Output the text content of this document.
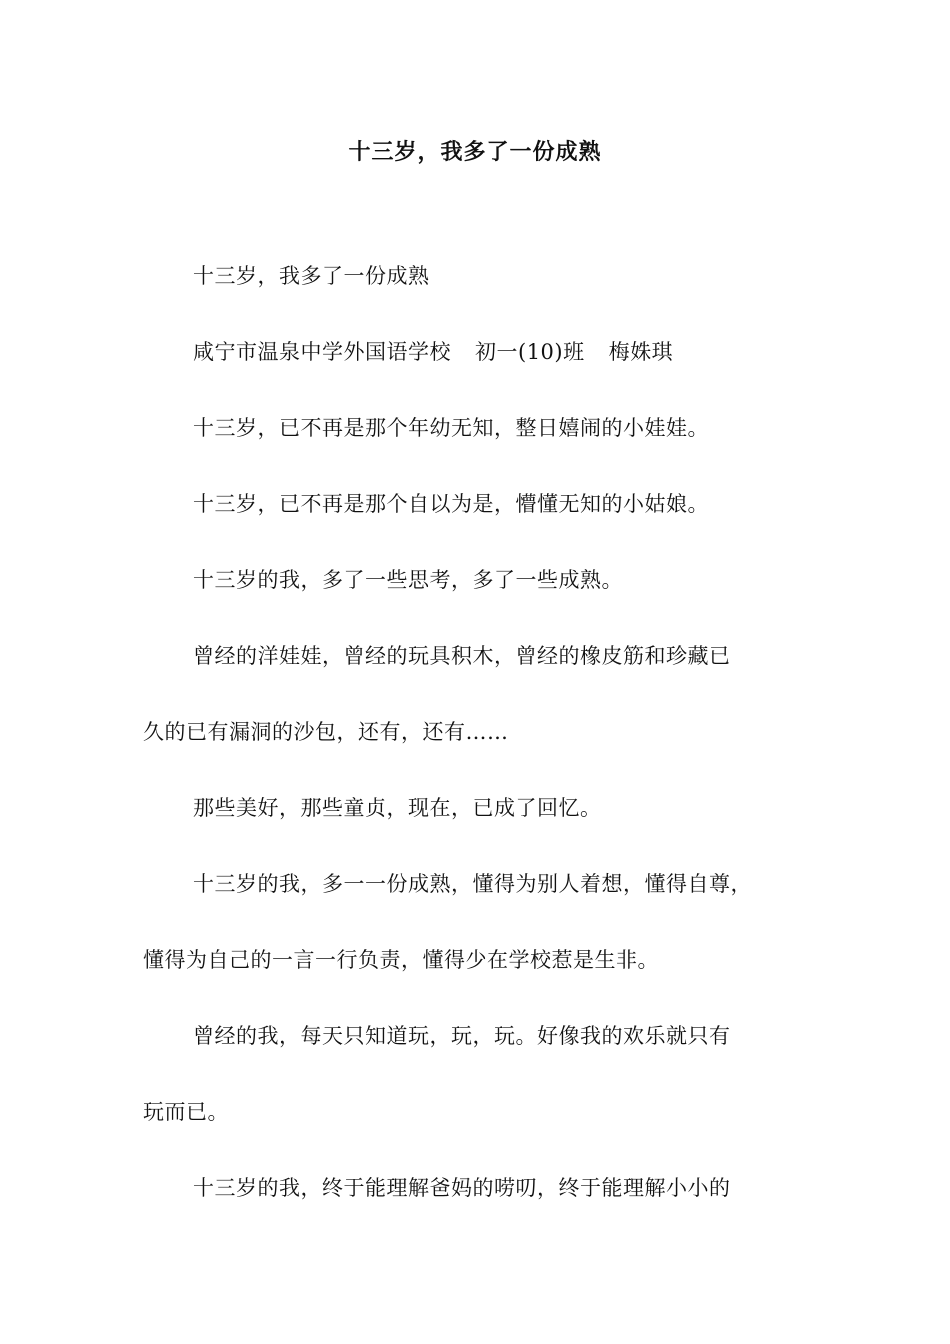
十三岁，我多了一份成熟
十三岁，我多了一份成熟
咸宁市温泉中学外国语学校 初一(10)班 梅姝琪
十三岁，已不再是那个年幼无知，整日嬉闹的小娃娃。
十三岁，已不再是那个自以为是，懵懂无知的小姑娘。
十三岁的我，多了一些思考，多了一些成熟。
曾经的洋娃娃，曾经的玩具积木，曾经的橡皮筋和珍藏已
久的已有漏洞的沙包，还有，还有……
那些美好，那些童贞，现在，已成了回忆。
十三岁的我，多一一份成熟，懂得为别人着想，懂得自尊，
懂得为自己的一言一行负责，懂得少在学校惹是生非。
曾经的我，每天只知道玩，玩，玩。好像我的欢乐就只有
玩而已。
十三岁的我，终于能理解爸妈的唠叨，终于能理解小小的
